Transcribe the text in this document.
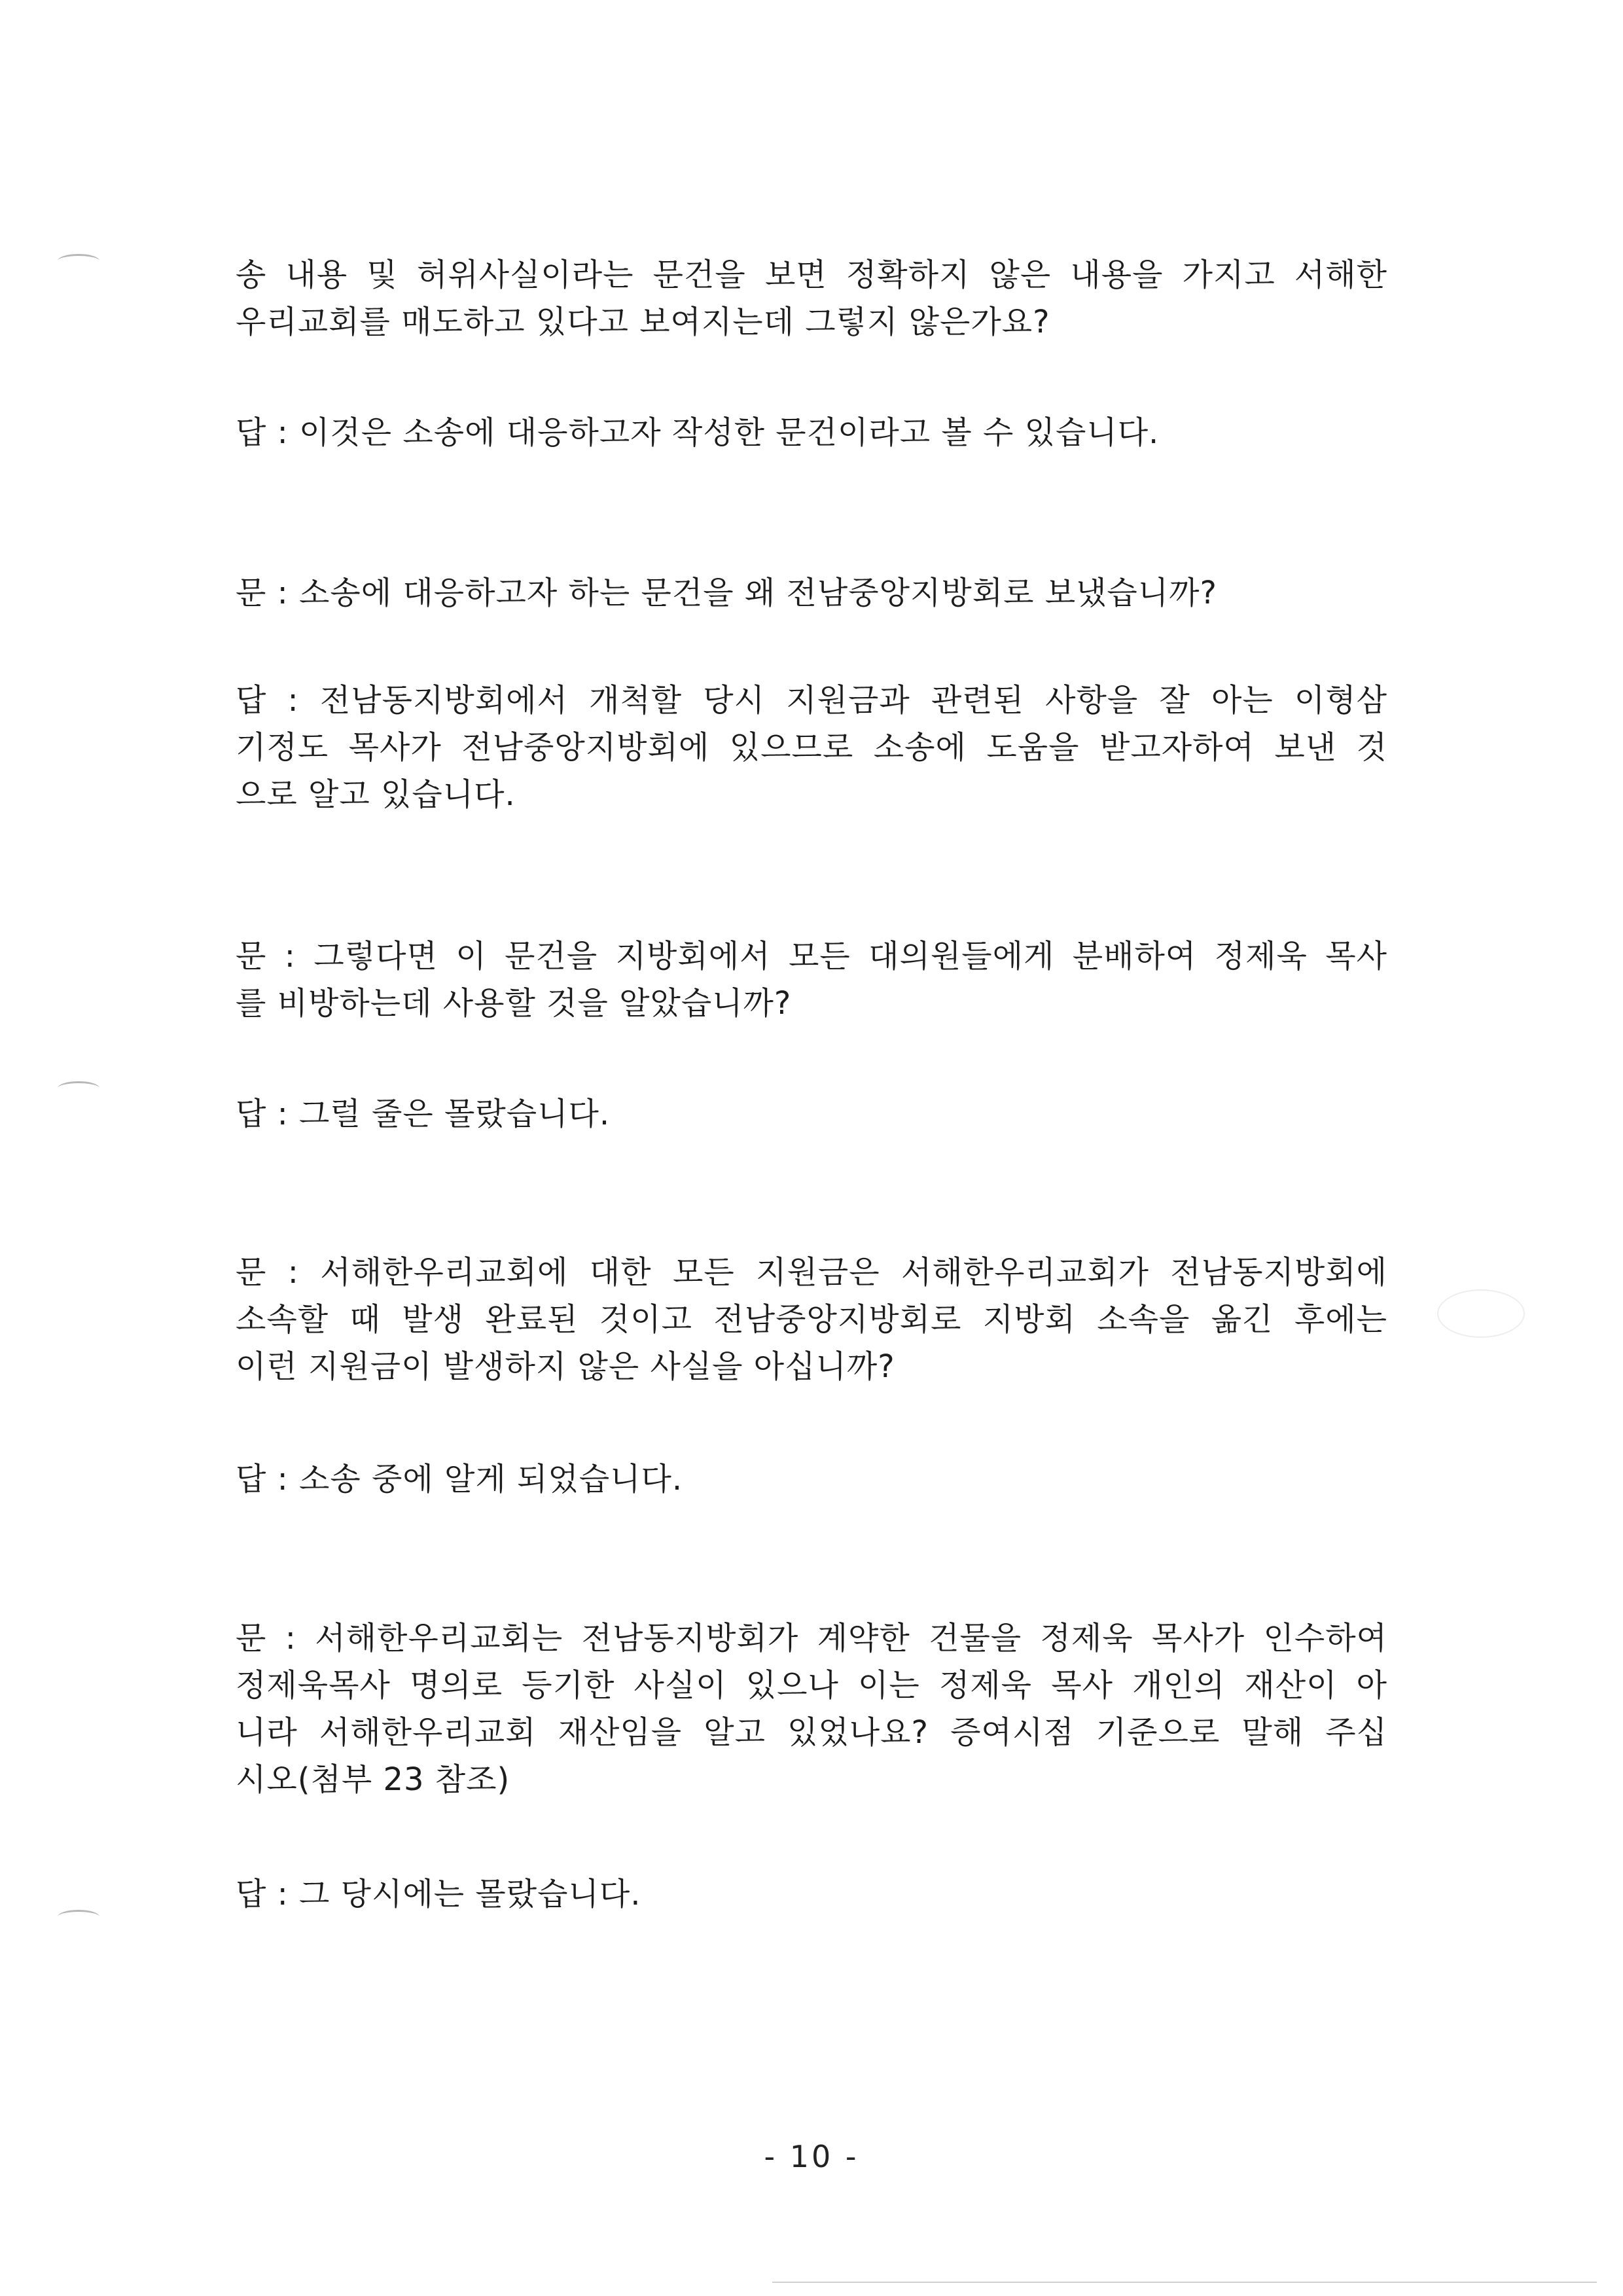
송 내용 및 허위사실이라는 문건을 보면 정확하지 않은 내용을 가지고 서해한
우리교회를 매도하고 있다고 보여지는데 그렇지 않은가요?

답 : 이것은 소송에 대응하고자 작성한 문건이라고 볼 수 있습니다.

문 : 소송에 대응하고자 하는 문건을 왜 전남중앙지방회로 보냈습니까?

답 : 전남동지방회에서 개척할 당시 지원금과 관련된 사항을 잘 아는 이형삼
기정도 목사가 전남중앙지방회에 있으므로 소송에 도움을 받고자하여 보낸 것
으로 알고 있습니다.

문 : 그렇다면 이 문건을 지방회에서 모든 대의원들에게 분배하여 정제욱 목사
를 비방하는데 사용할 것을 알았습니까?

답 : 그럴 줄은 몰랐습니다.

문 : 서해한우리교회에 대한 모든 지원금은 서해한우리교회가 전남동지방회에
소속할 때 발생 완료된 것이고 전남중앙지방회로 지방회 소속을 옮긴 후에는
이런 지원금이 발생하지 않은 사실을 아십니까?

답 : 소송 중에 알게 되었습니다.

문 : 서해한우리교회는 전남동지방회가 계약한 건물을 정제욱 목사가 인수하여
정제욱목사 명의로 등기한 사실이 있으나 이는 정제욱 목사 개인의 재산이 아
니라 서해한우리교회 재산임을 알고 있었나요? 증여시점 기준으로 말해 주십
시오(첨부 23 참조)

답 : 그 당시에는 몰랐습니다.

- 10 -
